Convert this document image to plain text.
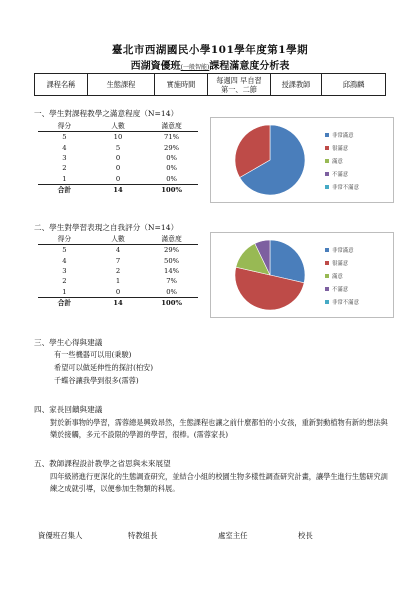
臺北市西湖國民小學101學年度第1學期
西湖資優班(一般智能)課程滿意度分析表
課程名稱	生態課程	實施時間	每週四 早自習
第一、二節	授課教師	邱鴻麟
一、學生對課程教學之滿意程度（N=14）
得分	人數	滿意度
5	10	71%
4	5	29%
3	0	0%
2	0	0%
1	0	0%
合計	14	100%
非常滿意
很滿意
滿意
不滿意
非常不滿意
二、學生對學習表現之自我評分（N=14）
得分	人數	滿意度
5	4	29%
4	7	50%
3	2	14%
2	1	7%
1	0	0%
合計	14	100%
非常滿意
很滿意
滿意
不滿意
非常不滿意
三、學生心得與建議
有一些機器可以用(秉駿)
希望可以做延伸性的探討(柏安)
千蝶谷讓我學到很多(霈蓉)
四、家長回饋與建議
對於新事物的學習，霈蓉總是興致昂然，生態課程也讓之前什麼都怕的小女孩，重新對動植物有新的想法與樂於接觸，多元不設限的學源的學習，很棒。(霈蓉家長)
五、教師課程設計教學之省思與未來展望
四年級將進行更深化的生態調查研究，並結合小組的校園生物多樣性調查研究計畫，讓學生進行生態研究訓練之成就引導，以便參加生物類的科展。
資優班召集人	特教組長	處室主任	校長
